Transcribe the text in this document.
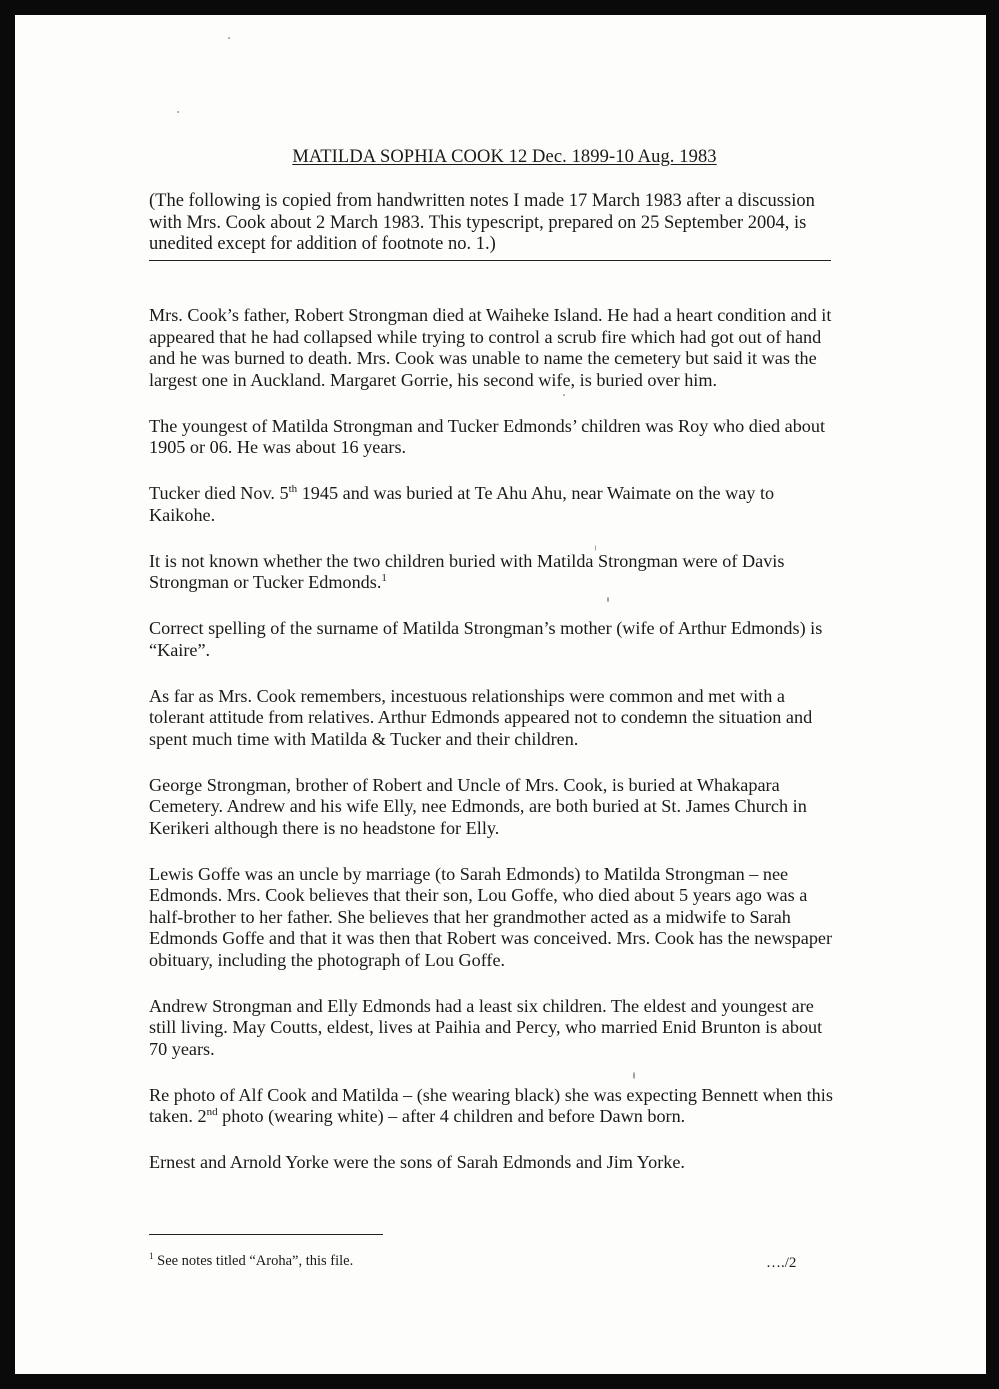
MATILDA SOPHIA COOK 12 Dec. 1899-10 Aug. 1983
(The following is copied from handwritten notes I made 17 March 1983 after a discussion with Mrs. Cook about 2 March 1983. This typescript, prepared on 25 September 2004, is unedited except for addition of footnote no. 1.)

Mrs. Cook’s father, Robert Strongman died at Waiheke Island. He had a heart condition and it appeared that he had collapsed while trying to control a scrub fire which had got out of hand and he was burned to death. Mrs. Cook was unable to name the cemetery but said it was the largest one in Auckland. Margaret Gorrie, his second wife, is buried over him.

The youngest of Matilda Strongman and Tucker Edmonds’ children was Roy who died about 1905 or 06. He was about 16 years.

Tucker died Nov. 5th 1945 and was buried at Te Ahu Ahu, near Waimate on the way to Kaikohe.

It is not known whether the two children buried with Matilda Strongman were of Davis Strongman or Tucker Edmonds.$^1$

Correct spelling of the surname of Matilda Strongman’s mother (wife of Arthur Edmonds) is “Kaire”.

As far as Mrs. Cook remembers, incestuous relationships were common and met with a tolerant attitude from relatives. Arthur Edmonds appeared not to condemn the situation and spent much time with Matilda & Tucker and their children.

George Strongman, brother of Robert and Uncle of Mrs. Cook, is buried at Whakapara Cemetery. Andrew and his wife Elly, nee Edmonds, are both buried at St. James Church in Kerikeri although there is no headstone for Elly.

Lewis Goffe was an uncle by marriage (to Sarah Edmonds) to Matilda Strongman – nee Edmonds. Mrs. Cook believes that their son, Lou Goffe, who died about 5 years ago was a half-brother to her father. She believes that her grandmother acted as a midwife to Sarah Edmonds Goffe and that it was then that Robert was conceived. Mrs. Cook has the newspaper obituary, including the photograph of Lou Goffe.

Andrew Strongman and Elly Edmonds had a least six children. The eldest and youngest are still living. May Coutts, eldest, lives at Paihia and Percy, who married Enid Brunton is about 70 years.

Re photo of Alf Cook and Matilda – (she wearing black) she was expecting Bennett when this taken. 2nd photo (wearing white) – after 4 children and before Dawn born.

Ernest and Arnold Yorke were the sons of Sarah Edmonds and Jim Yorke.

$^1$ See notes titled “Aroha”, this file.	…./2
